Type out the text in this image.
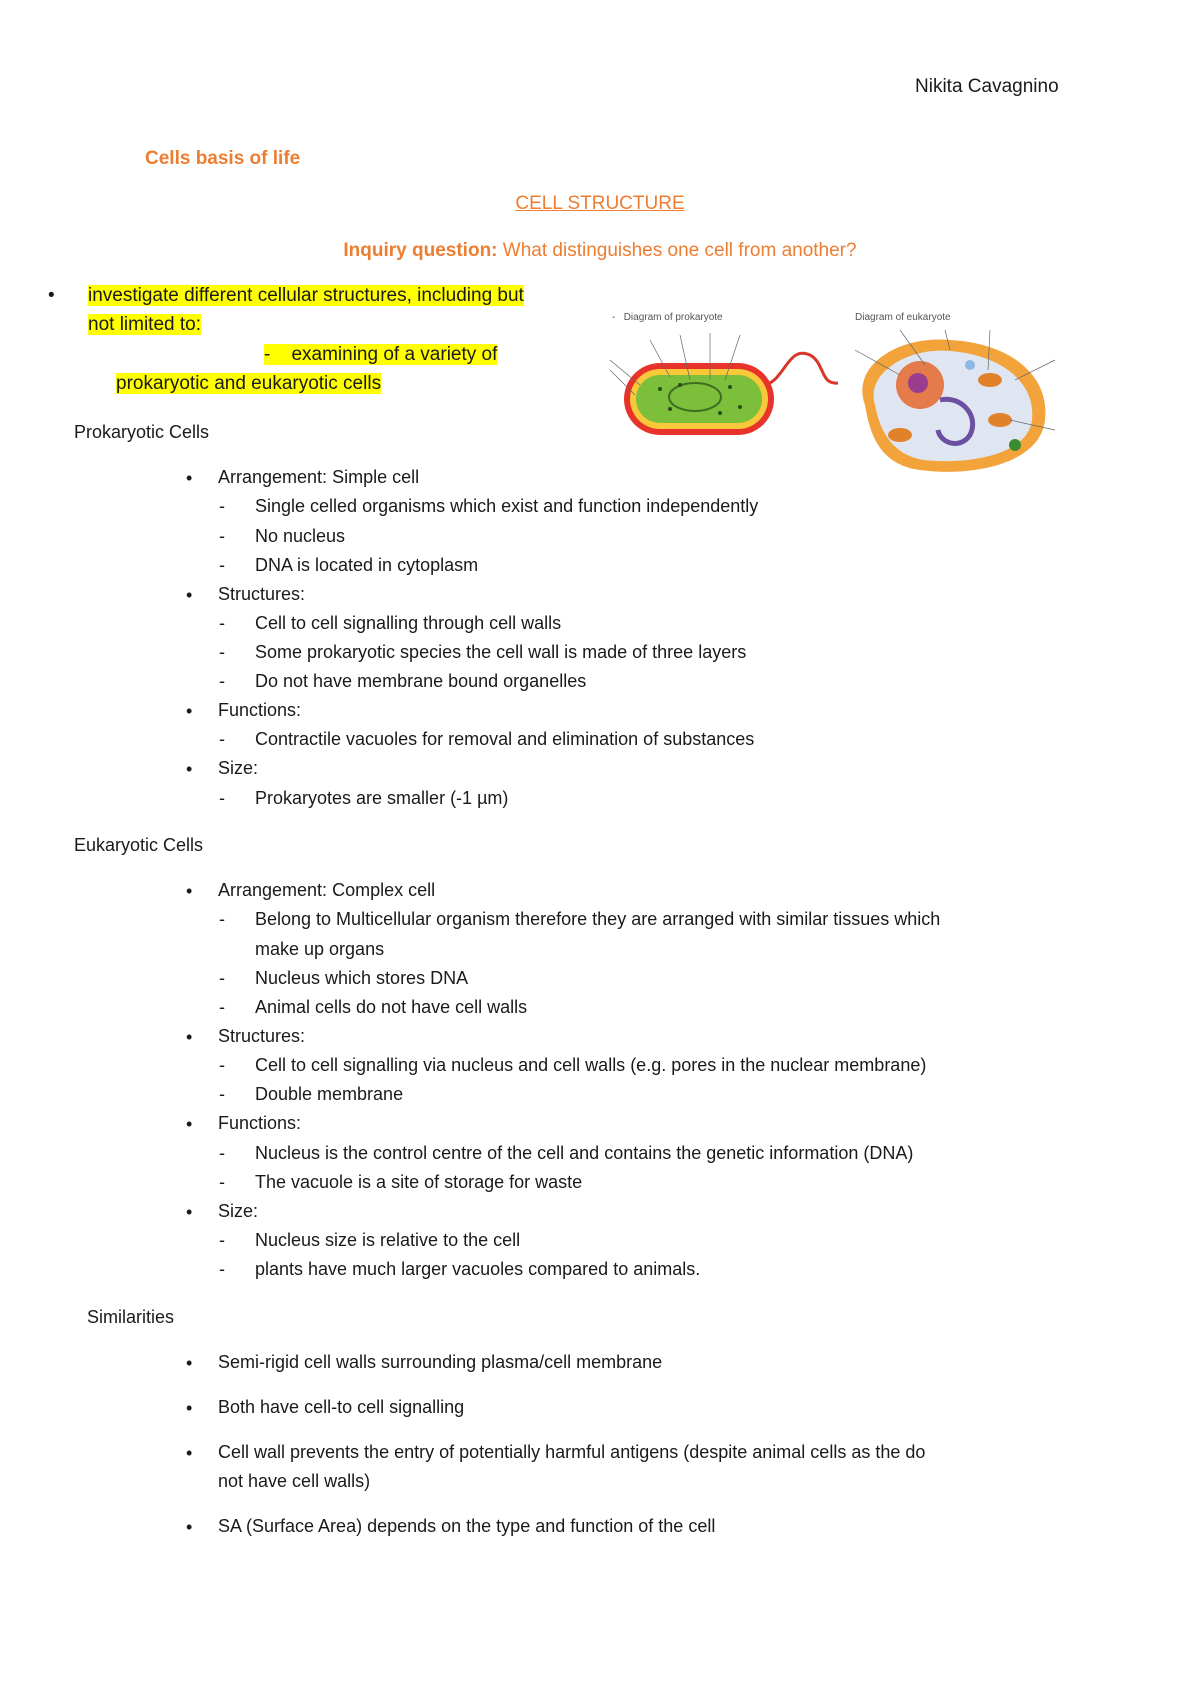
Nikita Cavagnino
Cells basis of life
CELL STRUCTURE
Inquiry question: What distinguishes one cell from another?
• investigate different cellular structures, including but
not limited to:
- examining of a variety of
prokaryotic and eukaryotic cells
- Diagram of prokaryote	Diagram of eukaryote
Prokaryotic Cells
• Arrangement: Simple cell
- Single celled organisms which exist and function independently
- No nucleus
- DNA is located in cytoplasm
• Structures:
- Cell to cell signalling through cell walls
- Some prokaryotic species the cell wall is made of three layers
- Do not have membrane bound organelles
• Functions:
- Contractile vacuoles for removal and elimination of substances
• Size:
- Prokaryotes are smaller (-1 µm)
Eukaryotic Cells
• Arrangement: Complex cell
- Belong to Multicellular organism therefore they are arranged with similar tissues which
make up organs
- Nucleus which stores DNA
- Animal cells do not have cell walls
• Structures:
- Cell to cell signalling via nucleus and cell walls (e.g. pores in the nuclear membrane)
- Double membrane
• Functions:
- Nucleus is the control centre of the cell and contains the genetic information (DNA)
- The vacuole is a site of storage for waste
• Size:
- Nucleus size is relative to the cell
- plants have much larger vacuoles compared to animals.
Similarities
• Semi-rigid cell walls surrounding plasma/cell membrane
• Both have cell-to cell signalling
• Cell wall prevents the entry of potentially harmful antigens (despite animal cells as the do
not have cell walls)
• SA (Surface Area) depends on the type and function of the cell
